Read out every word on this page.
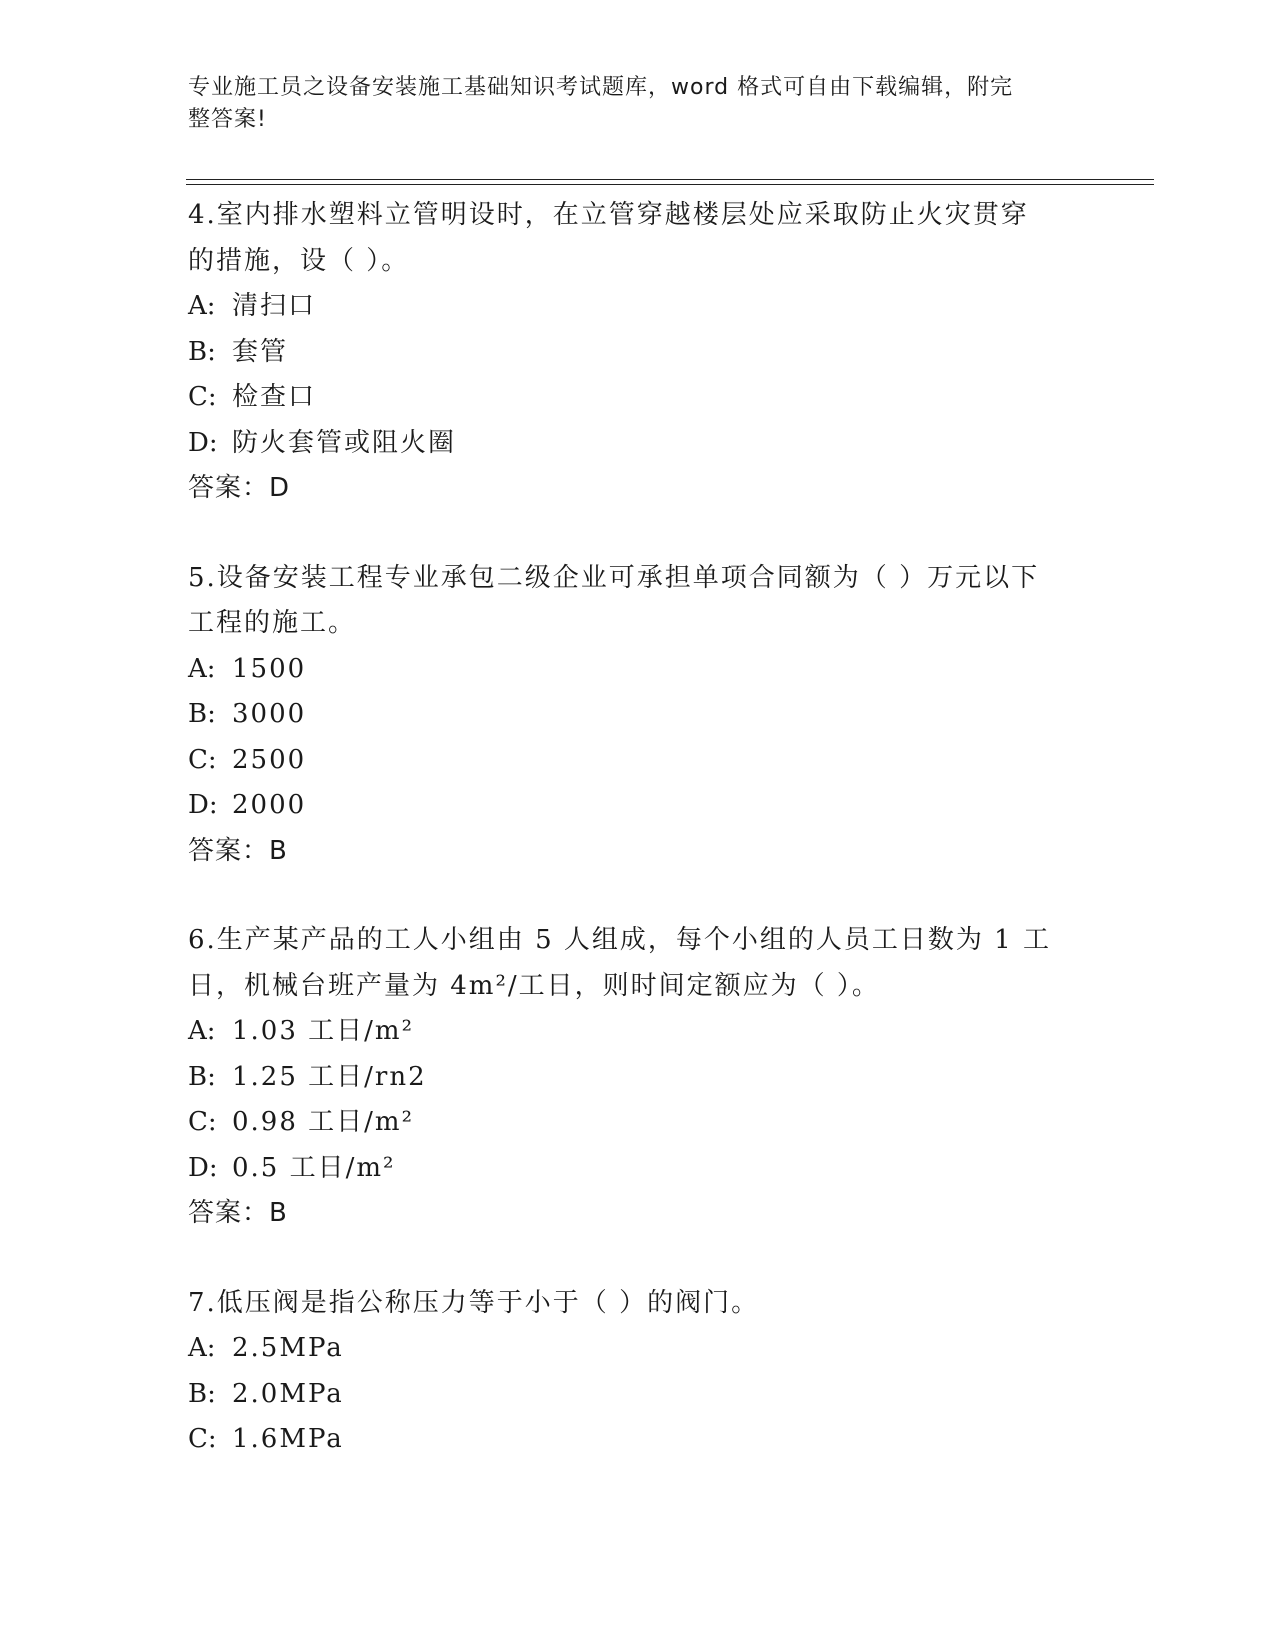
专业施工员之设备安装施工基础知识考试题库，word 格式可自由下载编辑，附完
整答案!
4.室内排水塑料立管明设时，在立管穿越楼层处应采取防止火灾贯穿
的措施，设（ ）。
A: 清扫口
B: 套管
C: 检查口
D: 防火套管或阻火圈
答案：D
5.设备安装工程专业承包二级企业可承担单项合同额为（ ）万元以下
工程的施工。
A: 1500
B: 3000
C: 2500
D: 2000
答案：B
6.生产某产品的工人小组由 5 人组成，每个小组的人员工日数为 1 工
日，机械台班产量为 4m²/工日，则时间定额应为（ ）。
A: 1.03 工日/m²
B: 1.25 工日/rn2
C: 0.98 工日/m²
D: 0.5 工日/m²
答案：B
7.低压阀是指公称压力等于小于（ ）的阀门。
A: 2.5MPa
B: 2.0MPa
C: 1.6MPa
